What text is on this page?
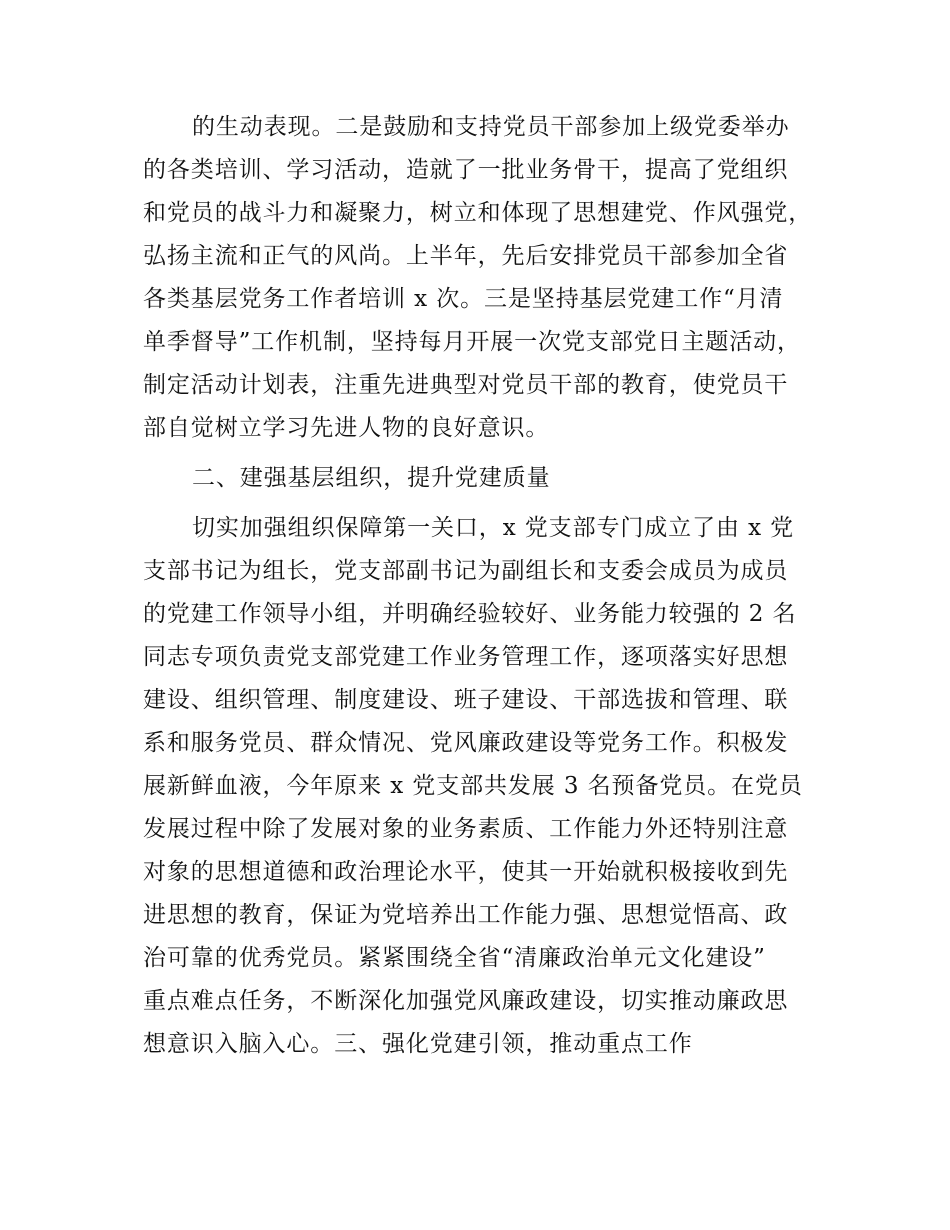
的生动表现。二是鼓励和支持党员干部参加上级党委举办
的各类培训、学习活动，造就了一批业务骨干，提高了党组织
和党员的战斗力和凝聚力，树立和体现了思想建党、作风强党，
弘扬主流和正气的风尚。上半年，先后安排党员干部参加全省
各类基层党务工作者培训 x 次。三是坚持基层党建工作“月清
单季督导”工作机制，坚持每月开展一次党支部党日主题活动，
制定活动计划表，注重先进典型对党员干部的教育，使党员干
部自觉树立学习先进人物的良好意识。
二、建强基层组织，提升党建质量
切实加强组织保障第一关口，x 党支部专门成立了由 x 党
支部书记为组长，党支部副书记为副组长和支委会成员为成员
的党建工作领导小组，并明确经验较好、业务能力较强的 2 名
同志专项负责党支部党建工作业务管理工作，逐项落实好思想
建设、组织管理、制度建设、班子建设、干部选拔和管理、联
系和服务党员、群众情况、党风廉政建设等党务工作。积极发
展新鲜血液，今年原来 x 党支部共发展 3 名预备党员。在党员
发展过程中除了发展对象的业务素质、工作能力外还特别注意
对象的思想道德和政治理论水平，使其一开始就积极接收到先
进思想的教育，保证为党培养出工作能力强、思想觉悟高、政
治可靠的优秀党员。紧紧围绕全省“清廉政治单元文化建设”
重点难点任务，不断深化加强党风廉政建设，切实推动廉政思
想意识入脑入心。三、强化党建引领，推动重点工作
